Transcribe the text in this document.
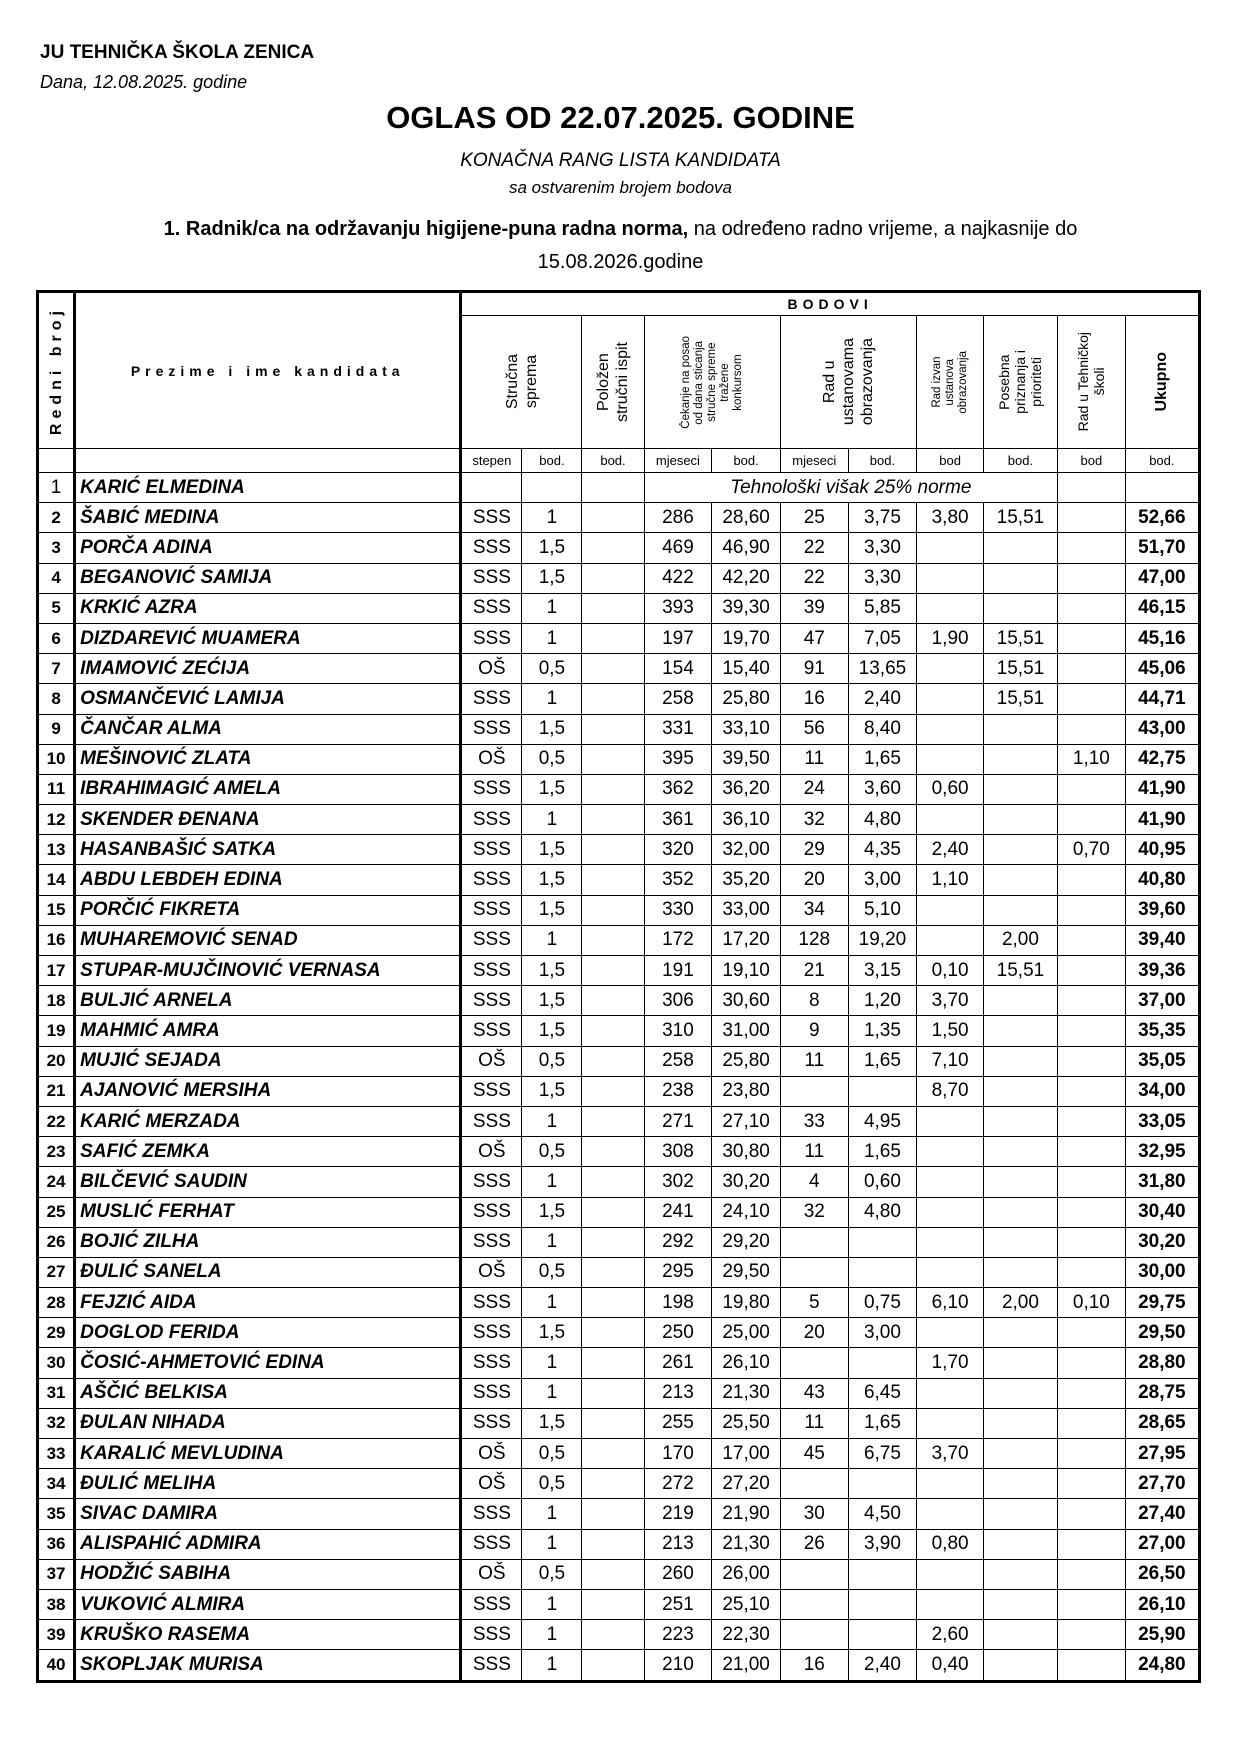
JU TEHNIČKA ŠKOLA ZENICA
Dana, 12.08.2025. godine
OGLAS OD 22.07.2025. GODINE
KONAČNA RANG LISTA KANDIDATA
sa ostvarenim brojem bodova
1. Radnik/ca na održavanju higijene-puna radna norma, na određeno radno vrijeme, a najkasnije do
15.08.2026.godine
Redni broj	Prezime i ime kandidata	BODOVI										

		Stručna sprema		Položen stručni ispit	Čekanje na posao
od dana sticanja
stručne spreme
tražene
konkursom		Rad u ustanovama obrazovanja		Rad izvan
ustanova
obrazovanja	Posebna
priznanja i
prioriteti	Rad u Tehničkoj
školi	Ukupno

		stepen	bod.	bod.	mjeseci	bod.	mjeseci	bod.	bod	bod.	bod	bod.
1	KARIĆ ELMEDINA				Tehnološki višak 25% norme							
2	ŠABIĆ MEDINA	SSS	1		286	28,60	25	3,75	3,80	15,51		52,66
3	PORČA ADINA	SSS	1,5		469	46,90	22	3,30				51,70
4	BEGANOVIĆ SAMIJA	SSS	1,5		422	42,20	22	3,30				47,00
5	KRKIĆ AZRA	SSS	1		393	39,30	39	5,85				46,15
6	DIZDAREVIĆ MUAMERA	SSS	1		197	19,70	47	7,05	1,90	15,51		45,16
7	IMAMOVIĆ ZEĆIJA	OŠ	0,5		154	15,40	91	13,65		15,51		45,06
8	OSMANČEVIĆ LAMIJA	SSS	1		258	25,80	16	2,40		15,51		44,71
9	ČANČAR ALMA	SSS	1,5		331	33,10	56	8,40				43,00
10	MEŠINOVIĆ ZLATA	OŠ	0,5		395	39,50	11	1,65			1,10	42,75
11	IBRAHIMAGIĆ AMELA	SSS	1,5		362	36,20	24	3,60	0,60			41,90
12	SKENDER ĐENANA	SSS	1		361	36,10	32	4,80				41,90
13	HASANBAŠIĆ SATKA	SSS	1,5		320	32,00	29	4,35	2,40		0,70	40,95
14	ABDU LEBDEH EDINA	SSS	1,5		352	35,20	20	3,00	1,10			40,80
15	PORČIĆ FIKRETA	SSS	1,5		330	33,00	34	5,10				39,60
16	MUHAREMOVIĆ SENAD	SSS	1		172	17,20	128	19,20		2,00		39,40
17	STUPAR-MUJČINOVIĆ VERNASA	SSS	1,5		191	19,10	21	3,15	0,10	15,51		39,36
18	BULJIĆ ARNELA	SSS	1,5		306	30,60	8	1,20	3,70			37,00
19	MAHMIĆ AMRA	SSS	1,5		310	31,00	9	1,35	1,50			35,35
20	MUJIĆ SEJADA	OŠ	0,5		258	25,80	11	1,65	7,10			35,05
21	AJANOVIĆ MERSIHA	SSS	1,5		238	23,80			8,70			34,00
22	KARIĆ MERZADA	SSS	1		271	27,10	33	4,95				33,05
23	SAFIĆ ZEMKA	OŠ	0,5		308	30,80	11	1,65				32,95
24	BILČEVIĆ SAUDIN	SSS	1		302	30,20	4	0,60				31,80
25	MUSLIĆ FERHAT	SSS	1,5		241	24,10	32	4,80				30,40
26	BOJIĆ ZILHA	SSS	1		292	29,20						30,20
27	ĐULIĆ SANELA	OŠ	0,5		295	29,50						30,00
28	FEJZIĆ AIDA	SSS	1		198	19,80	5	0,75	6,10	2,00	0,10	29,75
29	DOGLOD FERIDA	SSS	1,5		250	25,00	20	3,00				29,50
30	ČOSIĆ-AHMETOVIĆ EDINA	SSS	1		261	26,10			1,70			28,80
31	AŠČIĆ BELKISA	SSS	1		213	21,30	43	6,45				28,75
32	ĐULAN NIHADA	SSS	1,5		255	25,50	11	1,65				28,65
33	KARALIĆ MEVLUDINA	OŠ	0,5		170	17,00	45	6,75	3,70			27,95
34	ĐULIĆ MELIHA	OŠ	0,5		272	27,20						27,70
35	SIVAC DAMIRA	SSS	1		219	21,90	30	4,50				27,40
36	ALISPAHIĆ ADMIRA	SSS	1		213	21,30	26	3,90	0,80			27,00
37	HODŽIĆ SABIHA	OŠ	0,5		260	26,00						26,50
38	VUKOVIĆ ALMIRA	SSS	1		251	25,10						26,10
39	KRUŠKO RASEMA	SSS	1		223	22,30			2,60			25,90
40	SKOPLJAK MURISA	SSS	1		210	21,00	16	2,40	0,40			24,80
